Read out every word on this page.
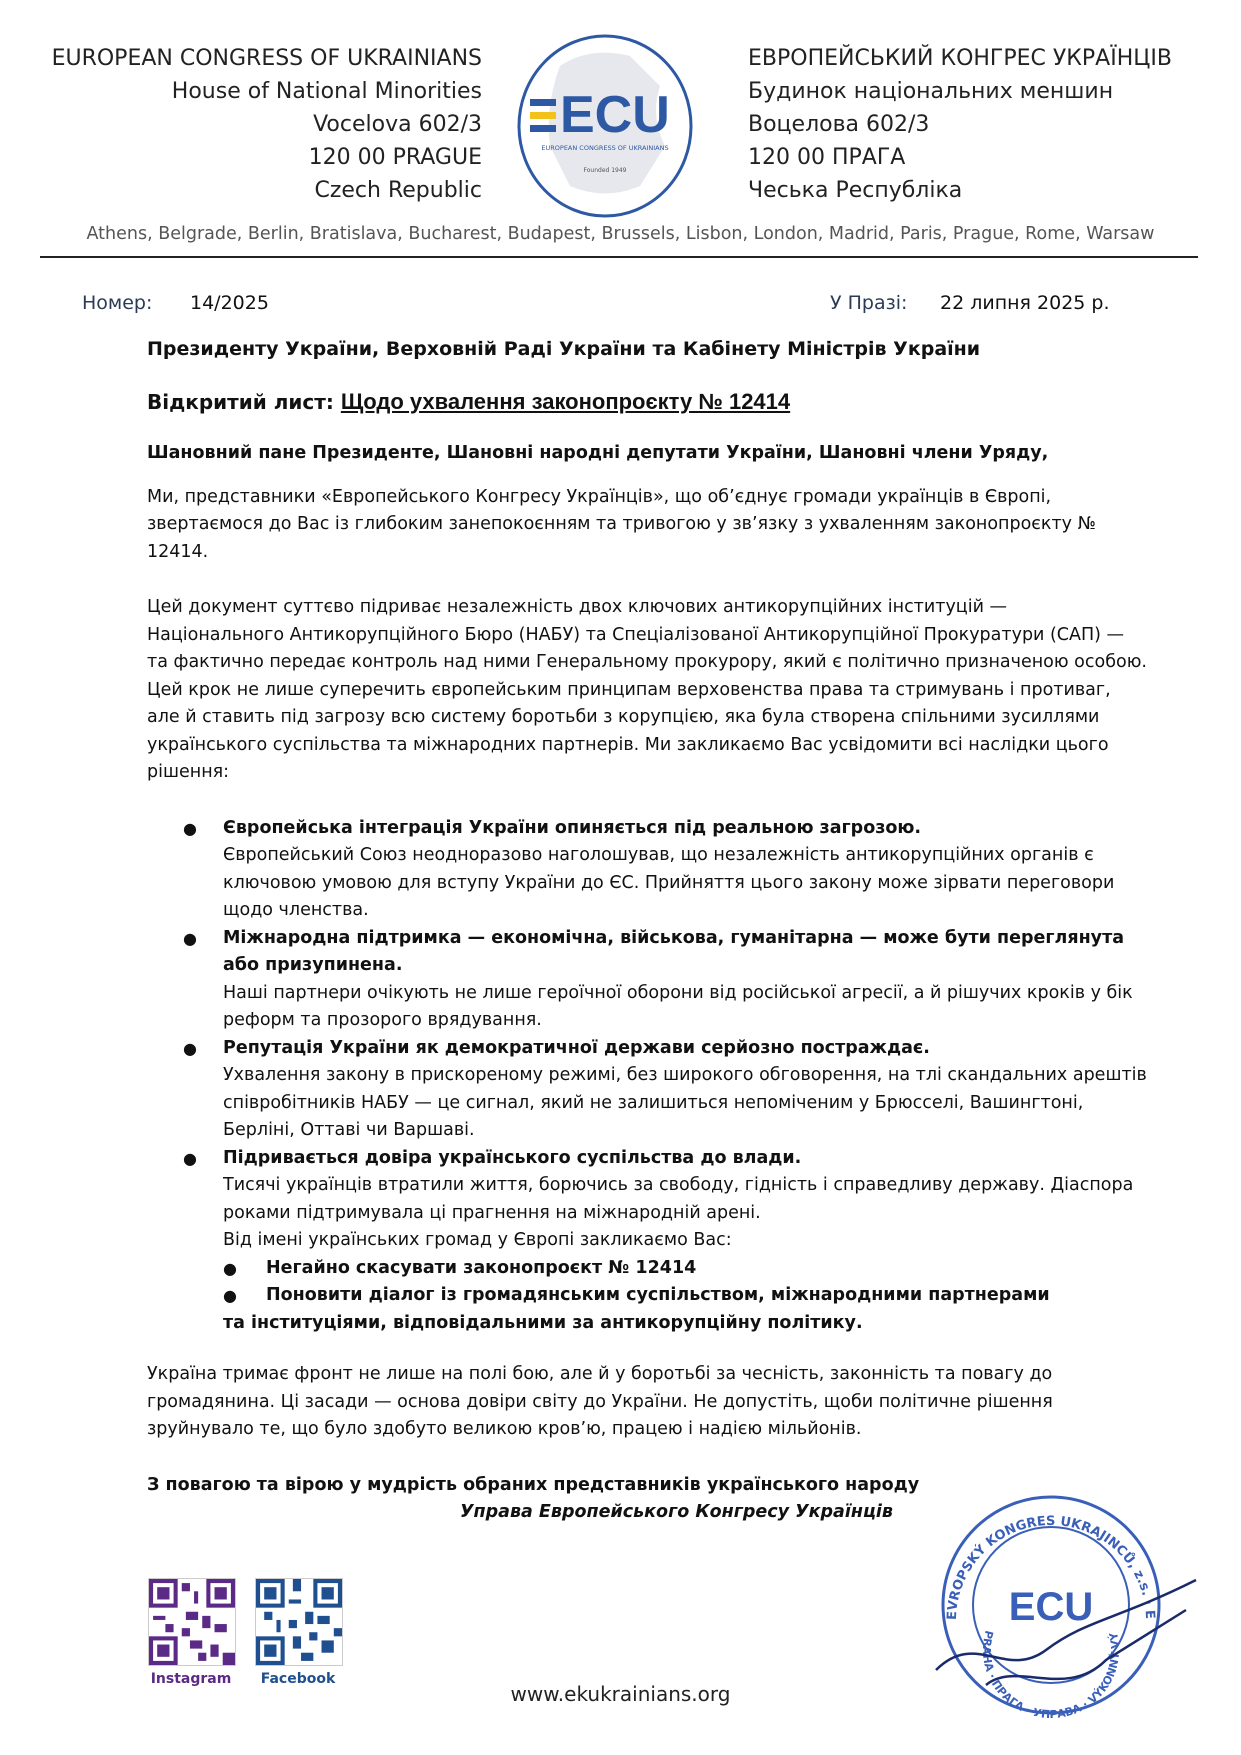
EUROPEAN CONGRESS OF UKRAINIANS
House of National Minorities
Vocelova 602/3
120 00 PRAGUE
Czech Republic
ECU
EUROPEAN CONGRESS OF UKRAINIANS
Founded 1949
ЕВРОПЕЙСЬКИЙ КОНГРЕС УКРАЇНЦІВ
Будинок національних меншин
Воцелова 602/3
120 00 ПРАГА
Чеська Республіка
Athens, Belgrade, Berlin, Bratislava, Bucharest, Budapest, Brussels, Lisbon, London, Madrid, Paris, Prague, Rome, Warsaw
Номер: 14/2025	У Празі: 22 липня 2025 р.

Президенту України, Верховній Раді України та Кабінету Міністрів України

Відкритий лист: Щодо ухвалення законопроєкту № 12414

Шановний пане Президенте, Шановні народні депутати України, Шановні члени Уряду,

Ми, представники «Европейського Конгресу Українців», що об’єднує громади українців в Європі, звертаємося до Вас із глибоким занепокоєнням та тривогою у зв’язку з ухваленням законопроєкту № 12414.

Цей документ суттєво підриває незалежність двох ключових антикорупційних інституцій — Національного Антикорупційного Бюро (НАБУ) та Спеціалізованої Антикорупційної Прокуратури (САП) — та фактично передає контроль над ними Генеральному прокурору, який є політично призначеною особою. Цей крок не лише суперечить європейським принципам верховенства права та стримувань і противаг, але й ставить під загрозу всю систему боротьби з корупцією, яка була створена спільними зусиллями українського суспільства та міжнародних партнерів. Ми закликаємо Вас усвідомити всі наслідки цього рішення:

● Європейська інтеграція України опиняється під реальною загрозою.
Європейський Союз неодноразово наголошував, що незалежність антикорупційних органів є ключовою умовою для вступу України до ЄС. Прийняття цього закону може зірвати переговори щодо членства.
● Міжнародна підтримка — економічна, військова, гуманітарна — може бути переглянута або призупинена.
Наші партнери очікують не лише героїчної оборони від російської агресії, а й рішучих кроків у бік реформ та прозорого врядування.
● Репутація України як демократичної держави серйозно постраждає.
Ухвалення закону в прискореному режимі, без широкого обговорення, на тлі скандальних арештів співробітників НАБУ — це сигнал, який не залишиться непоміченим у Брюсселі, Вашингтоні, Берліні, Оттаві чи Варшаві.
● Підривається довіра українського суспільства до влади.
Тисячі українців втратили життя, борючись за свободу, гідність і справедливу державу. Діаспора роками підтримувала ці прагнення на міжнародній арені.
Від імені українських громад у Європі закликаємо Вас:
● Негайно скасувати законопроєкт № 12414
● Поновити діалог із громадянським суспільством, міжнародними партнерами
та інституціями, відповідальними за антикорупційну політику.

Україна тримає фронт не лише на полі бою, але й у боротьбі за чесність, законність та повагу до громадянина. Ці засади — основа довіри світу до України. Не допустіть, щоби політичне рішення зруйнувало те, що було здобуто великою кров’ю, працею і надією мільйонів.

З повагою та вірою у мудрість обраних представників українського народу

Управа Европейського Конгресу Українців

Instagram	Facebook
EVROPSKÝ KONGRES UKRAJINCŮ, z.s. · Е
PRAHA · ПРАГА · УПРАВА · VÝKONNÝ VÝ
ECU
www.ekukrainians.org
